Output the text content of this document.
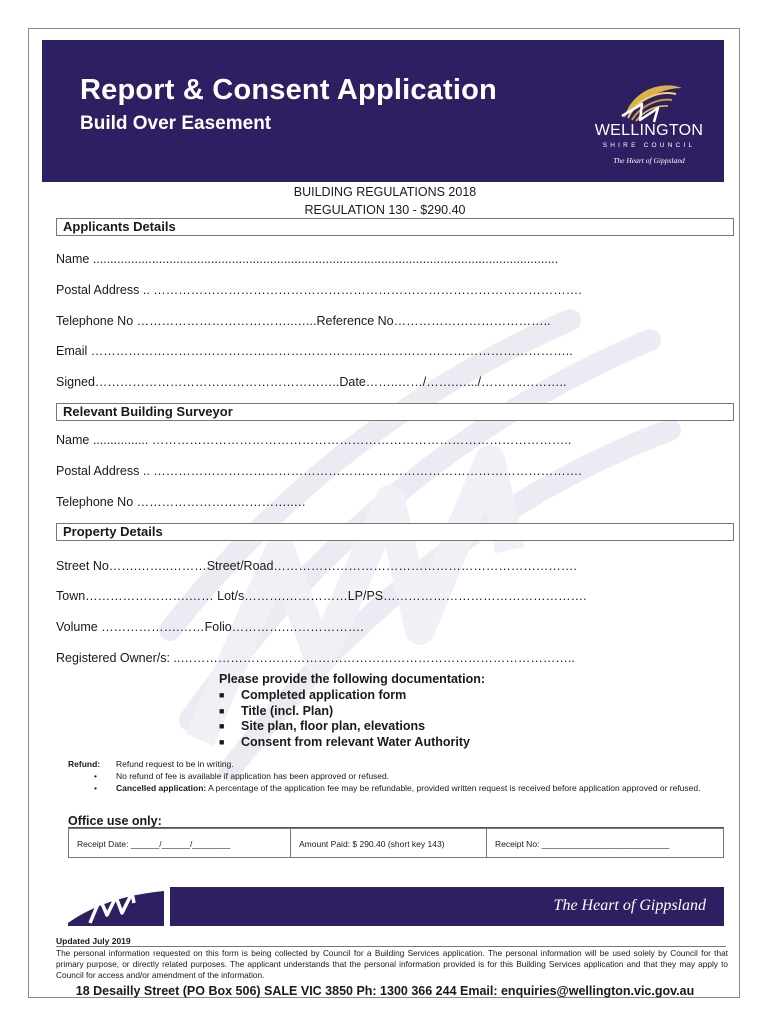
Report & Consent Application
Build Over Easement	WELLINGTON
SHIRE COUNCIL
The Heart of Gippsland
BUILDING REGULATIONS 2018
REGULATION 130 - $290.40
Applicants Details
Name ......................................................................................................................................
Postal Address .. ………………………………………………………………………………………….
Telephone No ………………………………..…...Reference No………………………………..
Email ……………………………………………………………………………………………………..
Signed…………………………………………………..Date……..……/…….….../……….………..
Relevant Building Surveyor
Name ................ ………………………………………………………………………………………..
Postal Address .. ………………………………………………………………………………………….
Telephone No ………………………………..…
Property Details
Street No…….……..………Street/Road……………………………………………………………….
Town…………………….…… Lot/s……….……………LP/PS………………………………………….
Volume ……………….……Folio………….……………….
Registered Owner/s: ..…………………………………………………………………………………..
Please provide the following documentation:
■ Completed application form
■ Title (incl. Plan)
■ Site plan, floor plan, elevations
■ Consent from relevant Water Authority
Refund: Refund request to be in writing.
• No refund of fee is available if application has been approved or refused.
• Cancelled application: A percentage of the application fee may be refundable, provided written request is received before application approved or refused.
Office use only:
Receipt Date: ______/______/________	Amount Paid: $ 290.40 (short key 143)	Receipt No: ___________________________
The Heart of Gippsland
Updated July 2019
The personal information requested on this form is being collected by Council for a Building Services application. The personal information will be used solely by Council for that primary purpose, or directly related purposes. The applicant understands that the personal information provided is for this Building Services application and that they may apply to Council for access and/or amendment of the information.
18 Desailly Street (PO Box 506) SALE VIC 3850 Ph: 1300 366 244 Email: enquiries@wellington.vic.gov.au
